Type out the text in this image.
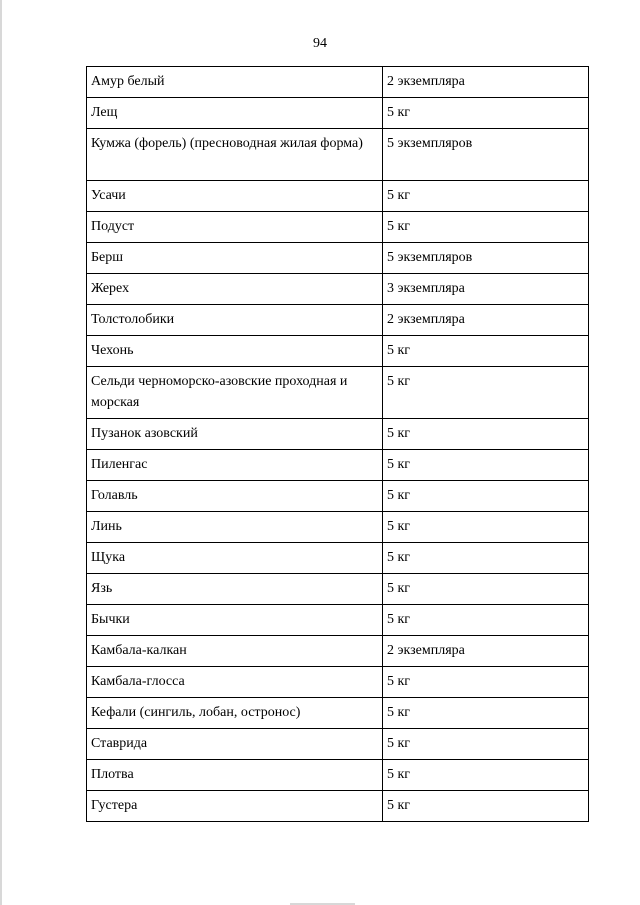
94
Амур белый	2 экземпляра
Лещ	5 кг
Кумжа (форель) (пресноводная жилая форма)	5 экземпляров
Усачи	5 кг
Подуст	5 кг
Берш	5 экземпляров
Жерех	3 экземпляра
Толстолобики	2 экземпляра
Чехонь	5 кг
Сельди черноморско-азовские проходная и морская	5 кг
Пузанок азовский	5 кг
Пиленгас	5 кг
Голавль	5 кг
Линь	5 кг
Щука	5 кг
Язь	5 кг
Бычки	5 кг
Камбала-калкан	2 экземпляра
Камбала-глосса	5 кг
Кефали (сингиль, лобан, остронос)	5 кг
Ставрида	5 кг
Плотва	5 кг
Густера	5 кг
